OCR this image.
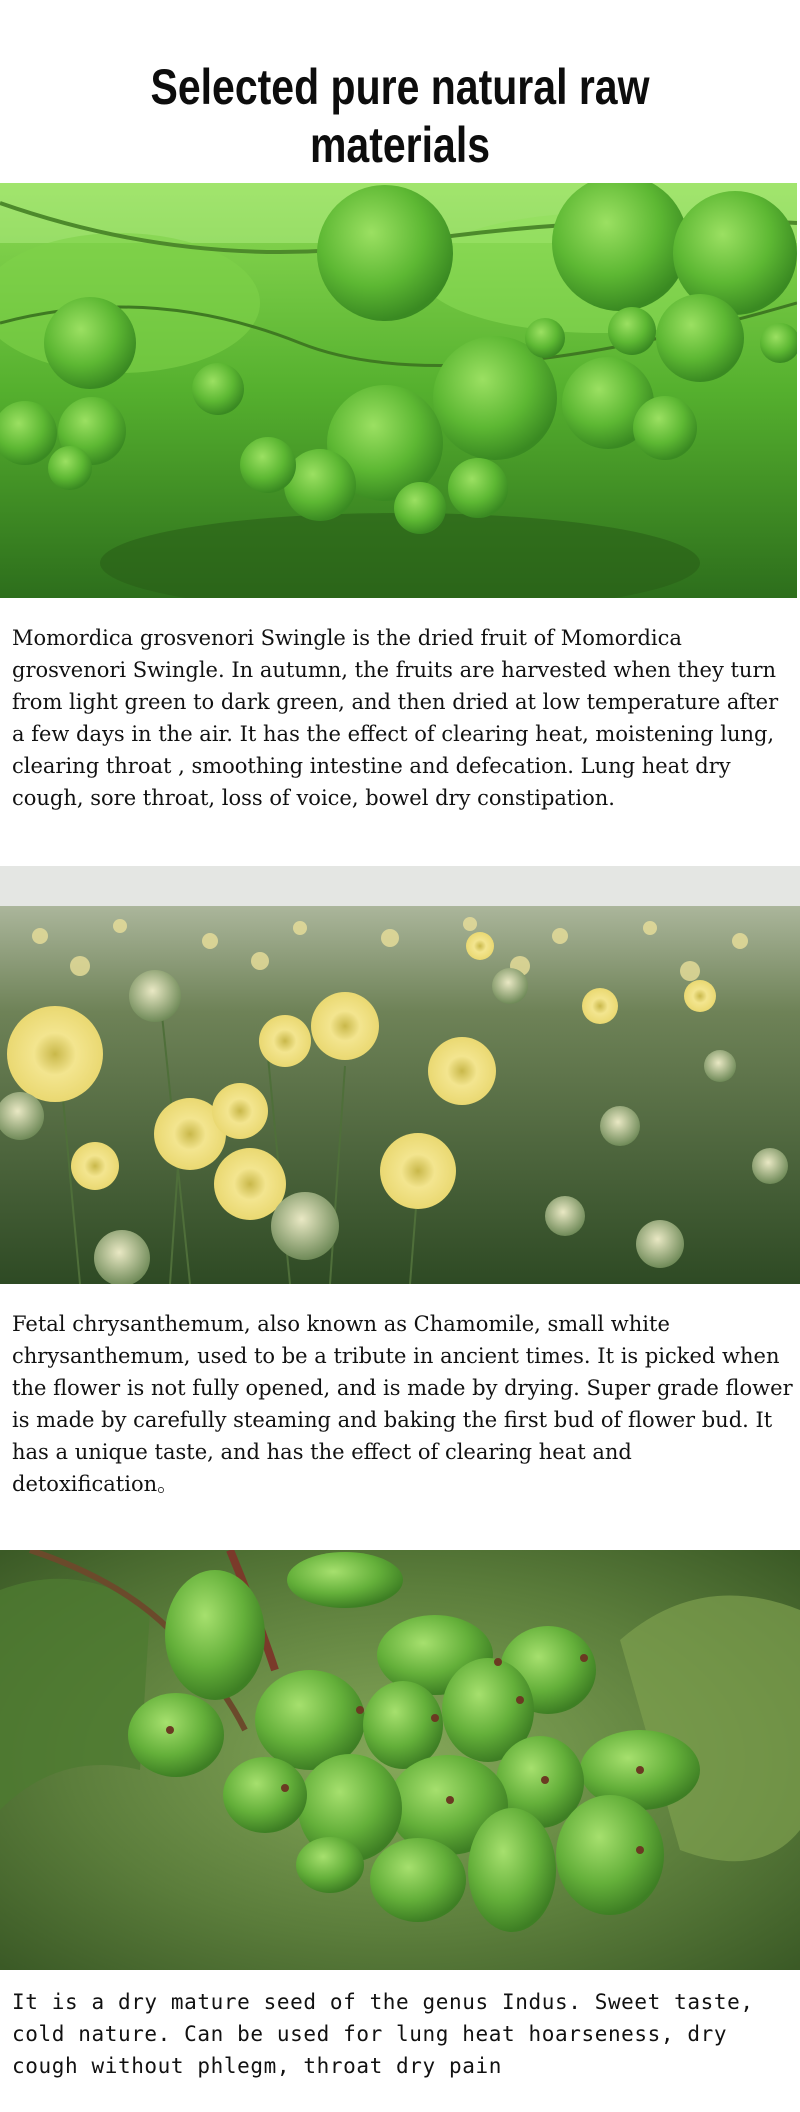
Selected pure natural raw materials

Momordica grosvenori Swingle is the dried fruit of Momordica grosvenori Swingle. In autumn, the fruits are harvested when they turn from light green to dark green, and then dried at low temperature after a few days in the air. It has the effect of clearing heat, moistening lung, clearing throat , smoothing intestine and defecation. Lung heat dry cough, sore throat, loss of voice, bowel dry constipation.

Fetal chrysanthemum, also known as Chamomile, small white chrysanthemum, used to be a tribute in ancient times. It is picked when the flower is not fully opened, and is made by drying. Super grade flower is made by carefully steaming and baking the first bud of flower bud. It has a unique taste, and has the effect of clearing heat and detoxification。

It is a dry mature seed of the genus Indus. Sweet taste, cold nature. Can be used for lung heat hoarseness, dry cough without phlegm, throat dry pain
